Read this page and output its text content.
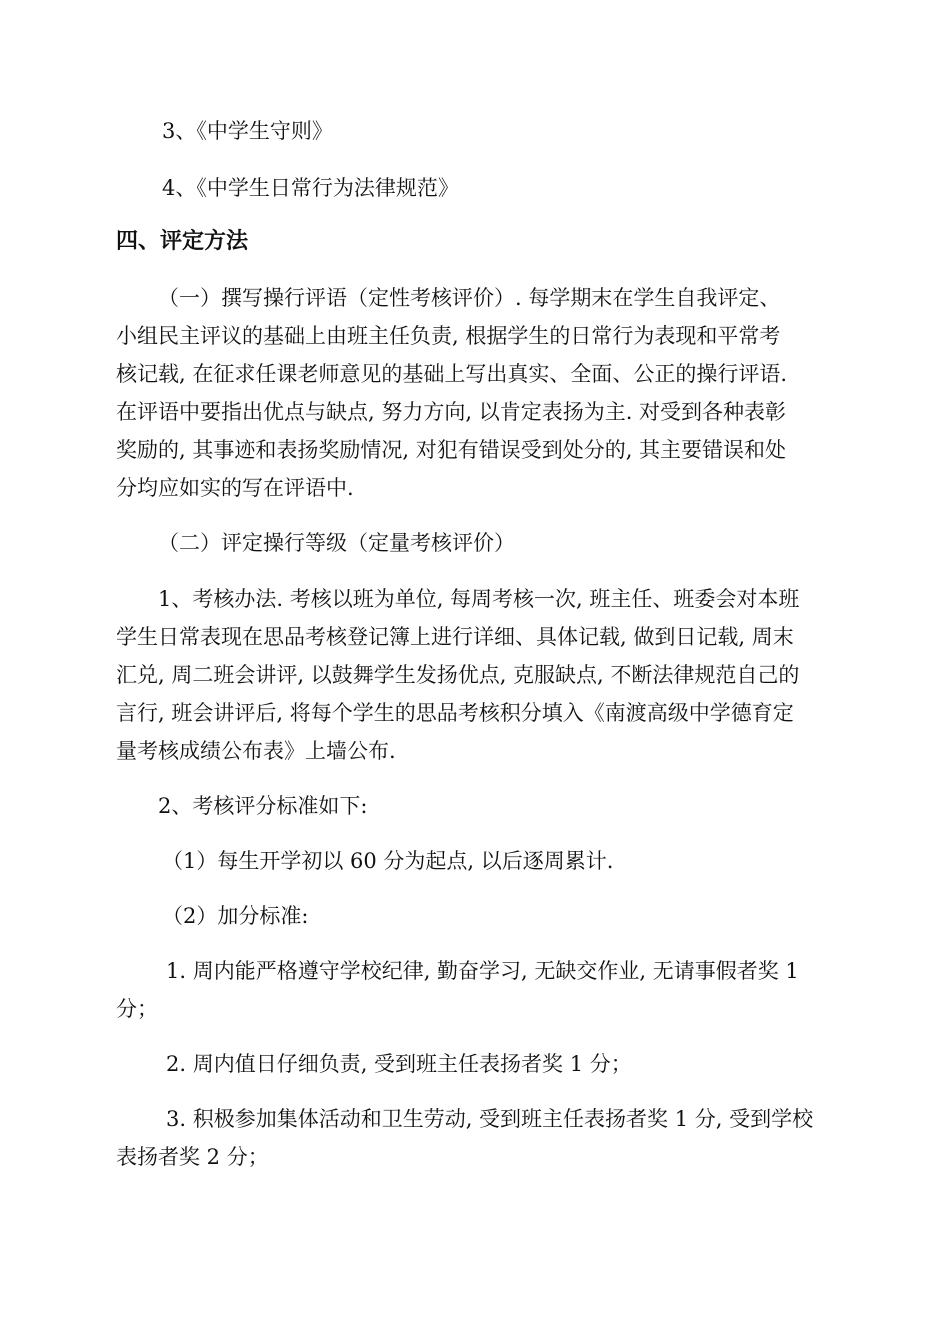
3、《中学生守则》
4、《中学生日常行为法律规范》
四、评定方法
（一）撰写操行评语（定性考核评价）. 每学期末在学生自我评定、
小组民主评议的基础上由班主任负责, 根据学生的日常行为表现和平常考
核记载, 在征求任课老师意见的基础上写出真实、全面、公正的操行评语.
在评语中要指出优点与缺点, 努力方向, 以肯定表扬为主. 对受到各种表彰
奖励的, 其事迹和表扬奖励情况, 对犯有错误受到处分的, 其主要错误和处
分均应如实的写在评语中.
（二）评定操行等级（定量考核评价）
1、考核办法. 考核以班为单位, 每周考核一次, 班主任、班委会对本班
学生日常表现在思品考核登记簿上进行详细、具体记载, 做到日记载, 周末
汇兑, 周二班会讲评, 以鼓舞学生发扬优点, 克服缺点, 不断法律规范自己的
言行, 班会讲评后, 将每个学生的思品考核积分填入《南渡高级中学德育定
量考核成绩公布表》上墙公布.
2、考核评分标准如下:
（1）每生开学初以 60 分为起点, 以后逐周累计.
（2）加分标准:
1. 周内能严格遵守学校纪律, 勤奋学习, 无缺交作业, 无请事假者奖 1
分；
2. 周内值日仔细负责, 受到班主任表扬者奖 1 分；
3. 积极参加集体活动和卫生劳动, 受到班主任表扬者奖 1 分, 受到学校
表扬者奖 2 分；
